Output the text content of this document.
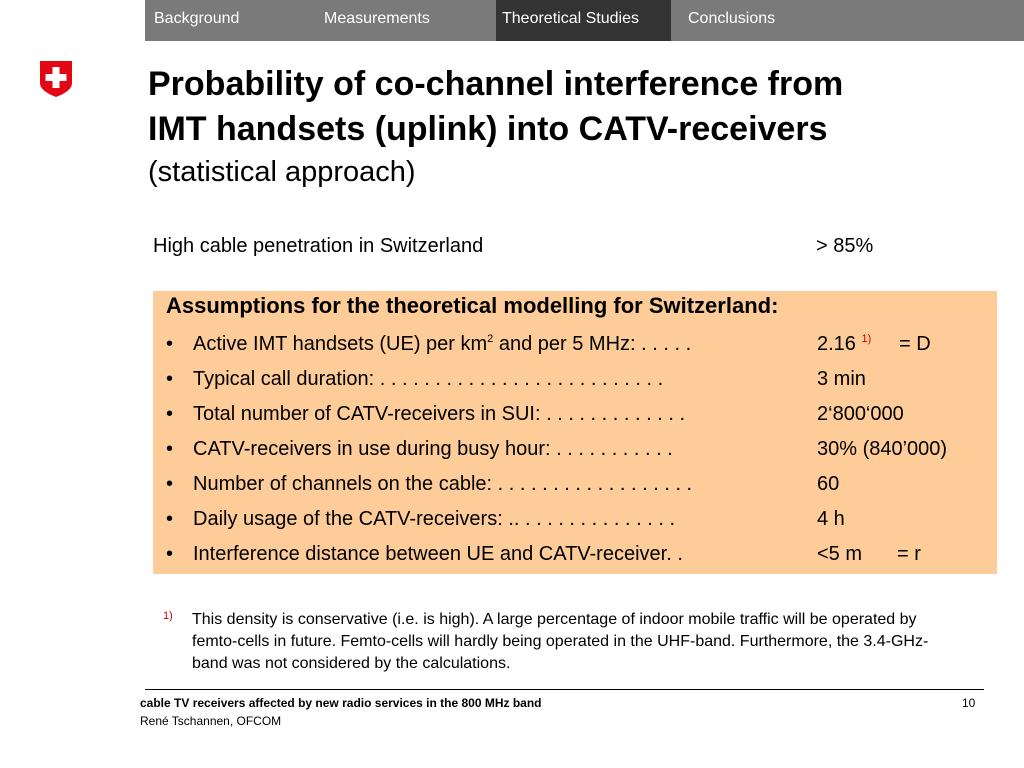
Background	Measurements	Theoretical Studies	Conclusions
Probability of co-channel interference from
IMT handsets (uplink) into CATV-receivers
(statistical approach)
High cable penetration in Switzerland	> 85%
Assumptions for the theoretical modelling for Switzerland:
• Active IMT handsets (UE) per $km^2$ and per 5 MHz: . . . . .	2.16 $^{1)}$ = D
• Typical call duration: . . . . . . . . . . . . . . . . . . . . . . . . . .	3 min
• Total number of CATV-receivers in SUI: . . . . . . . . . . . . .	2‘800‘000
• CATV-receivers in use during busy hour: . . . . . . . . . . .	30% (840’000)
• Number of channels on the cable: . . . . . . . . . . . . . . . . . .	60
• Daily usage of the CATV-receivers: .. . . . . . . . . . . . . . .	4 h
• Interference distance between UE and CATV-receiver. .	<5 m = r
1) This density is conservative (i.e. is high). A large percentage of indoor mobile traffic will be operated by femto-cells in future. Femto-cells will hardly being operated in the UHF-band. Furthermore, the 3.4-GHz-band was not considered by the calculations.
cable TV receivers affected by new radio services in the 800 MHz band
René Tschannen, OFCOM
10
